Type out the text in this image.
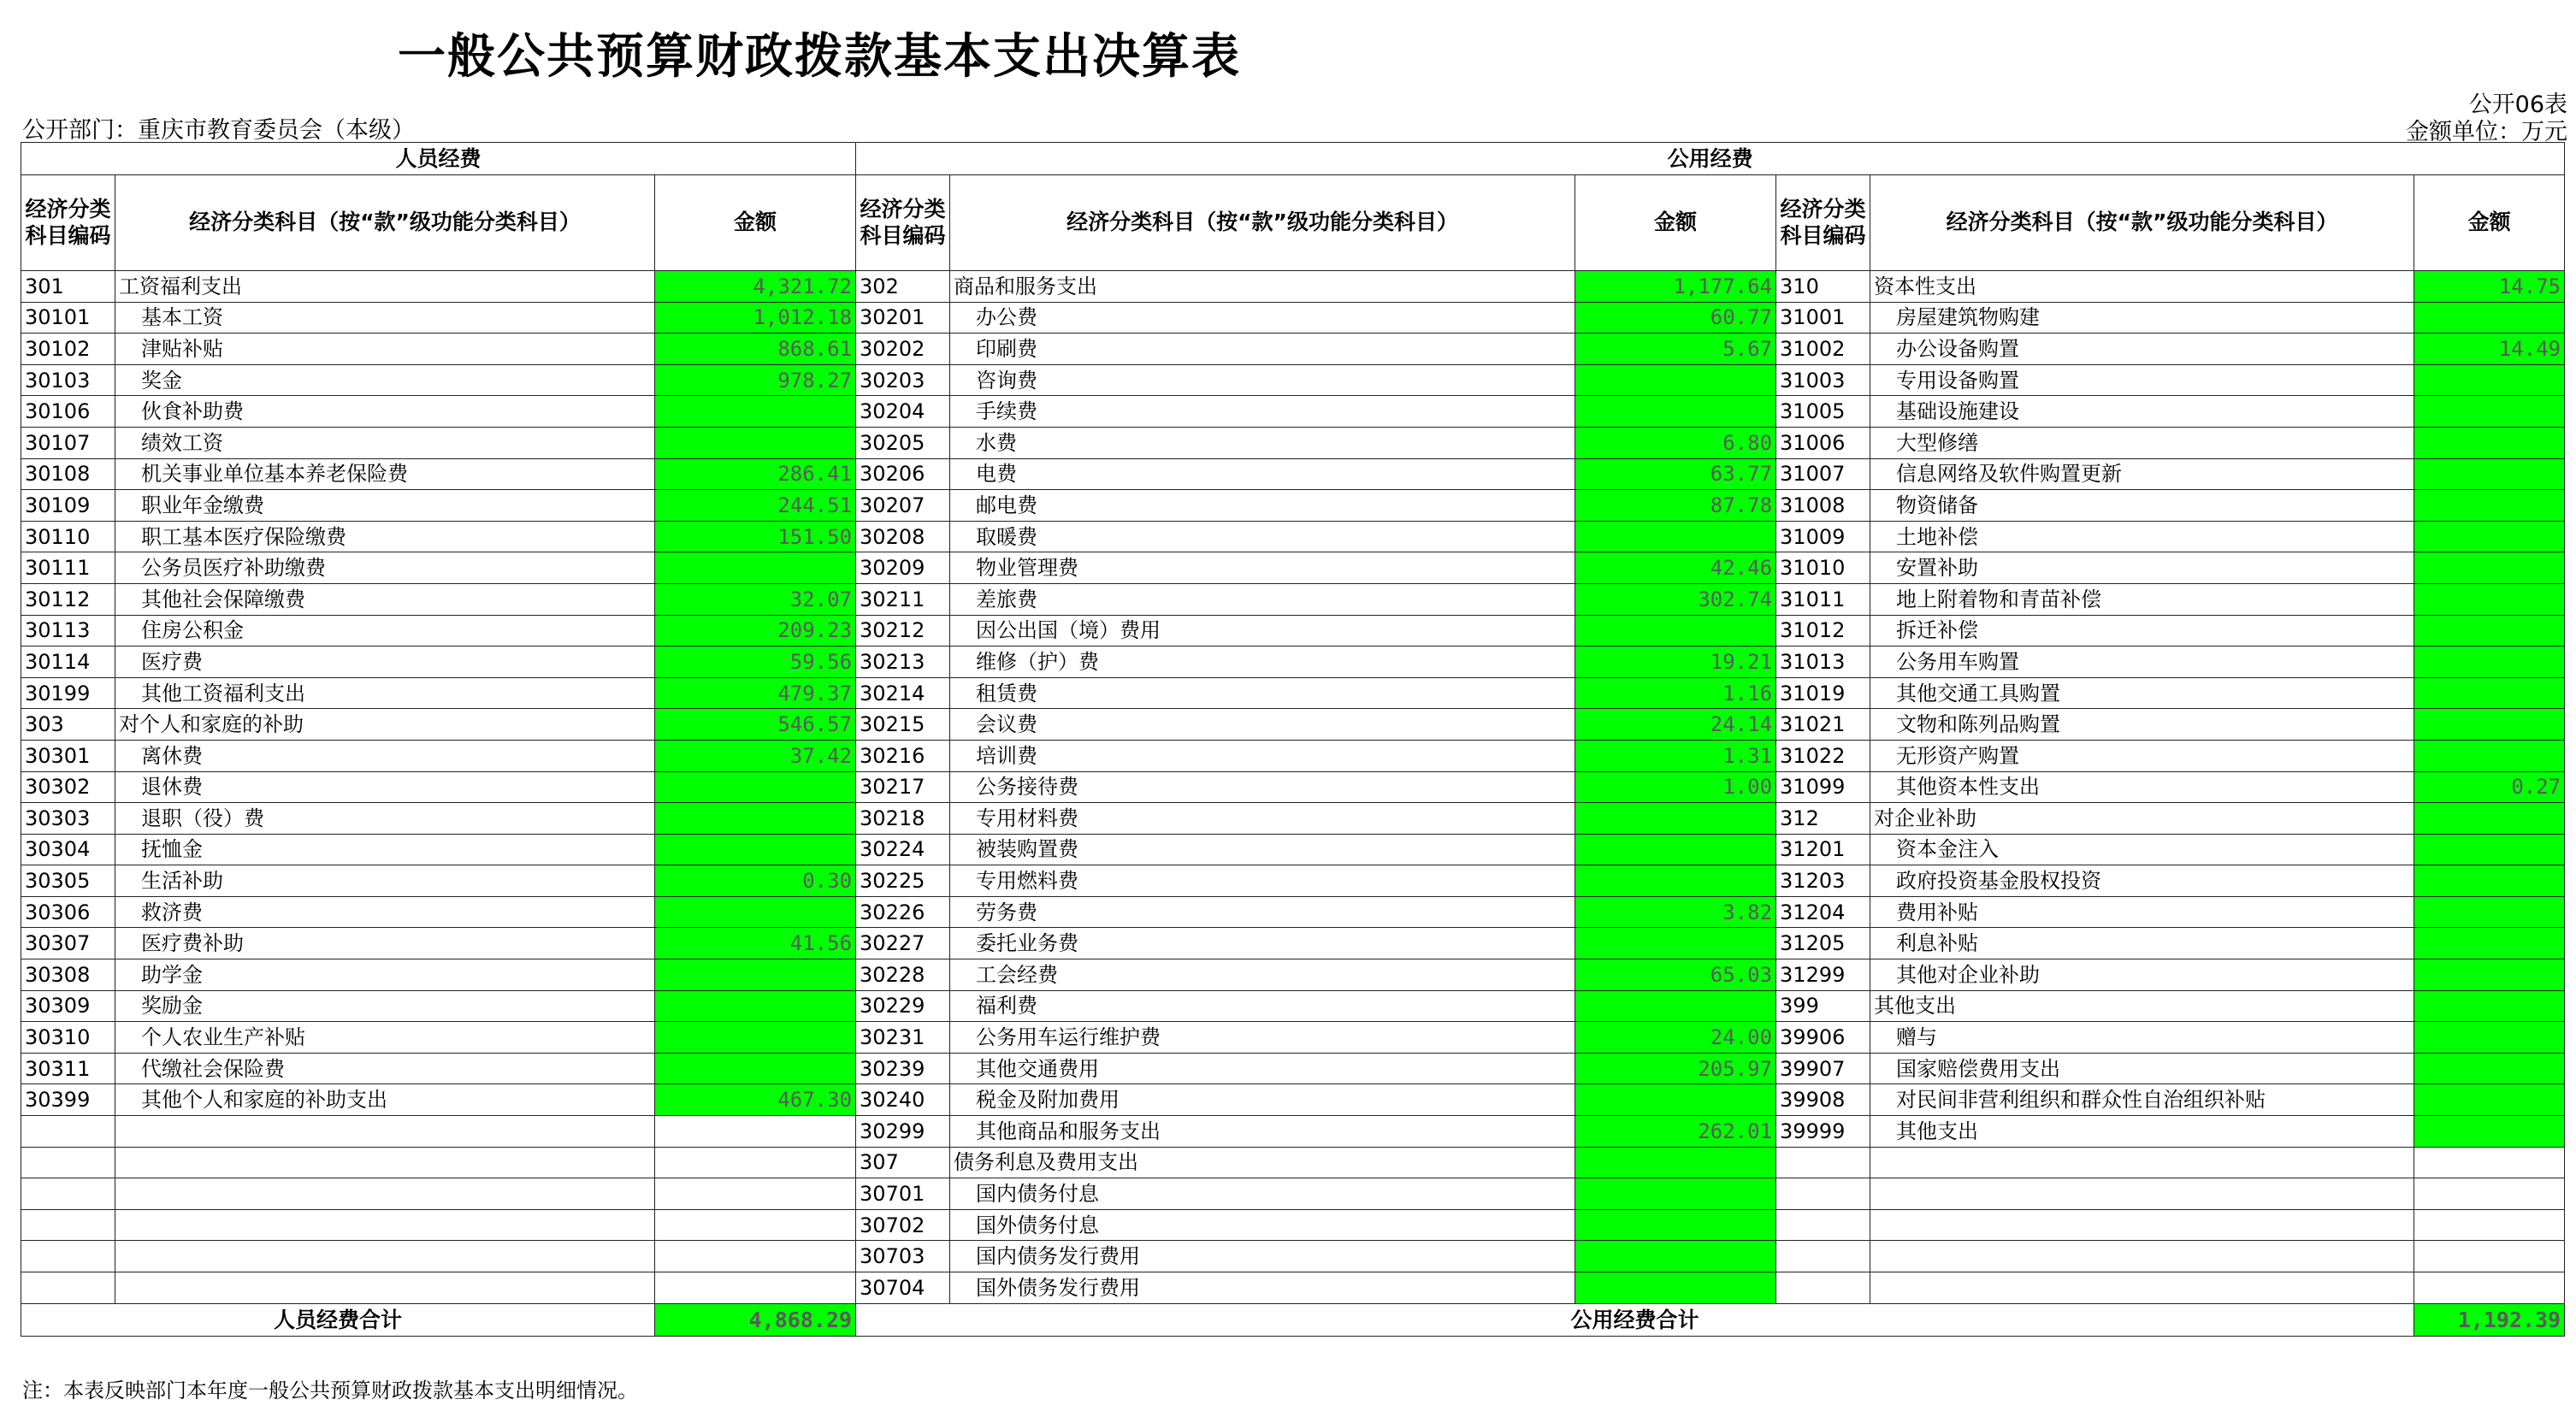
一般公共预算财政拨款基本支出决算表
公开06表
公开部门：重庆市教育委员会（本级）	金额单位：万元
人员经费			公用经费					
经济分类科目编码	经济分类科目（按“款”级功能分类科目）	金额	经济分类科目编码	经济分类科目（按“款”级功能分类科目）	金额	经济分类科目编码	经济分类科目（按“款”级功能分类科目）	金额
301	工资福利支出	4,321.72	302	商品和服务支出	1,177.64	310	资本性支出	14.75
30101	基本工资	1,012.18	30201	办公费	60.77	31001	房屋建筑物购建	
30102	津贴补贴	868.61	30202	印刷费	5.67	31002	办公设备购置	14.49
30103	奖金	978.27	30203	咨询费		31003	专用设备购置	
30106	伙食补助费		30204	手续费		31005	基础设施建设	
30107	绩效工资		30205	水费	6.80	31006	大型修缮	
30108	机关事业单位基本养老保险费	286.41	30206	电费	63.77	31007	信息网络及软件购置更新	
30109	职业年金缴费	244.51	30207	邮电费	87.78	31008	物资储备	
30110	职工基本医疗保险缴费	151.50	30208	取暖费		31009	土地补偿	
30111	公务员医疗补助缴费		30209	物业管理费	42.46	31010	安置补助	
30112	其他社会保障缴费	32.07	30211	差旅费	302.74	31011	地上附着物和青苗补偿	
30113	住房公积金	209.23	30212	因公出国（境）费用		31012	拆迁补偿	
30114	医疗费	59.56	30213	维修（护）费	19.21	31013	公务用车购置	
30199	其他工资福利支出	479.37	30214	租赁费	1.16	31019	其他交通工具购置	
303	对个人和家庭的补助	546.57	30215	会议费	24.14	31021	文物和陈列品购置	
30301	离休费	37.42	30216	培训费	1.31	31022	无形资产购置	
30302	退休费		30217	公务接待费	1.00	31099	其他资本性支出	0.27
30303	退职（役）费		30218	专用材料费		312	对企业补助	
30304	抚恤金		30224	被装购置费		31201	资本金注入	
30305	生活补助	0.30	30225	专用燃料费		31203	政府投资基金股权投资	
30306	救济费		30226	劳务费	3.82	31204	费用补贴	
30307	医疗费补助	41.56	30227	委托业务费		31205	利息补贴	
30308	助学金		30228	工会经费	65.03	31299	其他对企业补助	
30309	奖励金		30229	福利费		399	其他支出	
30310	个人农业生产补贴		30231	公务用车运行维护费	24.00	39906	赠与	
30311	代缴社会保险费		30239	其他交通费用	205.97	39907	国家赔偿费用支出	
30399	其他个人和家庭的补助支出	467.30	30240	税金及附加费用		39908	对民间非营利组织和群众性自治组织补贴	
			30299	其他商品和服务支出	262.01	39999	其他支出	
			307	债务利息及费用支出				
			30701	国内债务付息				
			30702	国外债务付息				
			30703	国内债务发行费用				
			30704	国外债务发行费用				
人员经费合计		4,868.29	公用经费合计					1,192.39
注：本表反映部门本年度一般公共预算财政拨款基本支出明细情况。
